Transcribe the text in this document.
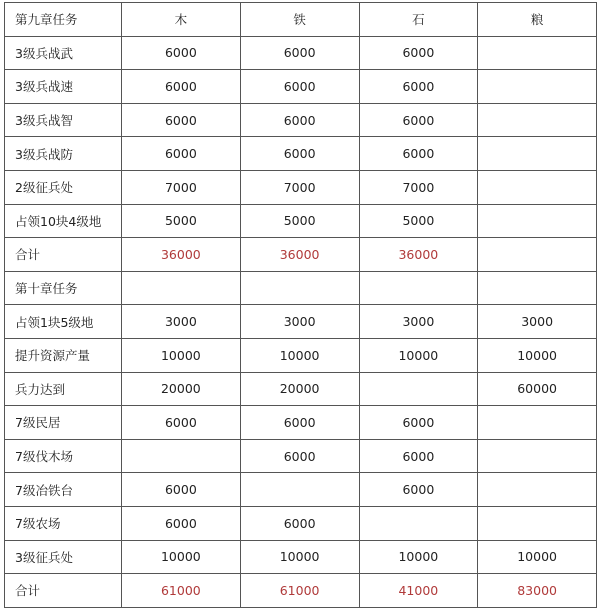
第九章任务	木	铁	石	粮
3级兵战武	6000	6000	6000	
3级兵战速	6000	6000	6000	
3级兵战智	6000	6000	6000	
3级兵战防	6000	6000	6000	
2级征兵处	7000	7000	7000	
占领10块4级地	5000	5000	5000	
合计	36000	36000	36000	
第十章任务				
占领1块5级地	3000	3000	3000	3000
提升资源产量	10000	10000	10000	10000
兵力达到	20000	20000		60000
7级民居	6000	6000	6000	
7级伐木场		6000	6000	
7级冶铁台	6000		6000	
7级农场	6000	6000		
3级征兵处	10000	10000	10000	10000
合计	61000	61000	41000	83000
